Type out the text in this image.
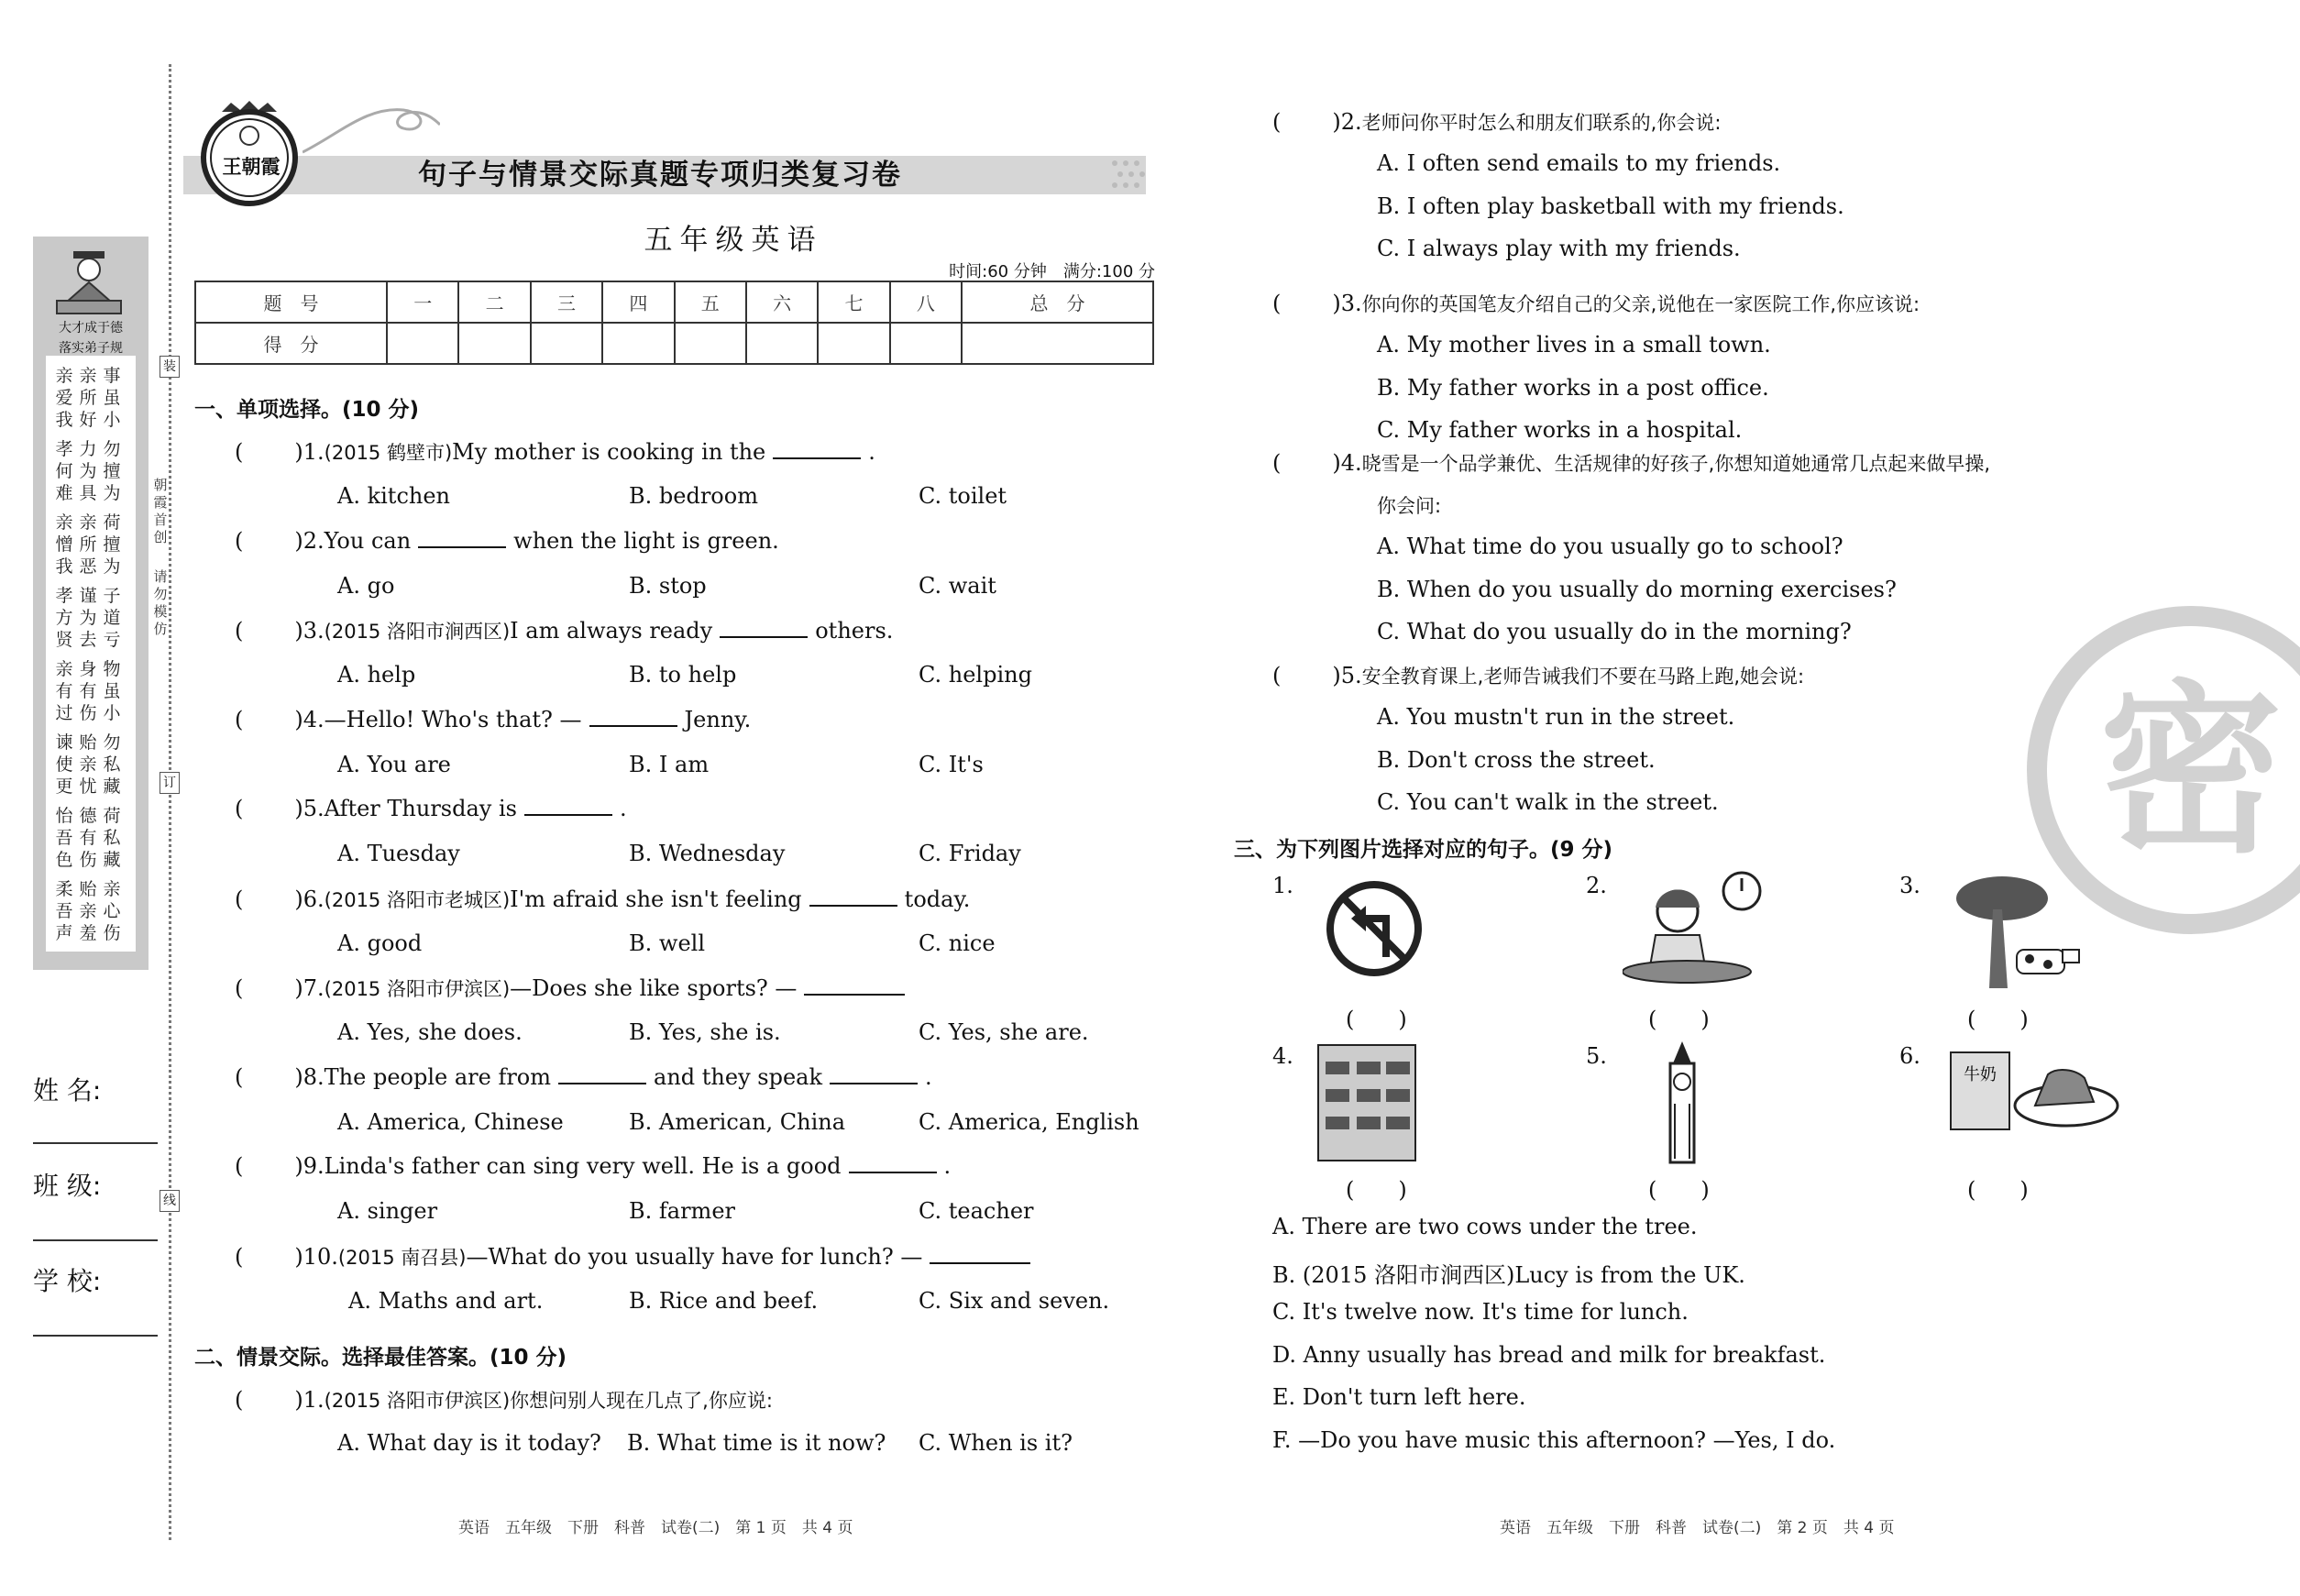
大才成于德
落实弟子规
亲爱我
亲所好
事虽小
孝何难
力为具
勿擅为
亲憎我
亲所恶
荷擅为
孝方贤
谨为去
子道亏
亲有过
身有伤
物虽小
谏使更
贻亲忧
勿私藏
怡吾色
德有伤
荷私藏
柔吾声
贻亲羞
亲心伤
装
订
线
朝霞首创
请勿模仿
姓 名:
班 级:
学 校:
王朝霞	句子与情景交际真题专项归类复习卷
五年级英语
时间:60 分钟　满分:100 分
题　号	一	二	三	四	五	六	七	八	总　分
得　分									
一、单项选择。(10 分)
( )1.(2015 鹤壁市)My mother is cooking in the	.
A. kitchen	B. bedroom	C. toilet
( )2.You can	when the light is green.
A. go	B. stop	C. wait
( )3.(2015 洛阳市涧西区)I am always ready	others.
A. help	B. to help	C. helping
( )4.—Hello! Who's that? —	Jenny.
A. You are	B. I am	C. It's
( )5.After Thursday is	.
A. Tuesday	B. Wednesday	C. Friday
( )6.(2015 洛阳市老城区)I'm afraid she isn't feeling	today.
A. good	B. well	C. nice
( )7.(2015 洛阳市伊滨区)—Does she like sports? —
A. Yes, she does.	B. Yes, she is.	C. Yes, she are.
( )8.The people are from	and they speak	.
A. America, Chinese	B. American, China	C. America, English
( )9.Linda's father can sing very well. He is a good	.
A. singer	B. farmer	C. teacher
( )10.(2015 南召县)—What do you usually have for lunch? —
A. Maths and art.	B. Rice and beef.	C. Six and seven.
二、情景交际。选择最佳答案。(10 分)
( )1.(2015 洛阳市伊滨区)你想问别人现在几点了,你应说:
A. What day is it today? B. What time is it now? C. When is it?
( )2.老师问你平时怎么和朋友们联系的,你会说:
A. I often send emails to my friends.
B. I often play basketball with my friends.
C. I always play with my friends.
( )3.你向你的英国笔友介绍自己的父亲,说他在一家医院工作,你应该说:
A. My mother lives in a small town.
B. My father works in a post office.
C. My father works in a hospital.
( )4.晓雪是一个品学兼优、生活规律的好孩子,你想知道她通常几点起来做早操,
你会问:
A. What time do you usually go to school?
B. When do you usually do morning exercises?
C. What do you usually do in the morning?
( )5.安全教育课上,老师告诫我们不要在马路上跑,她会说:
A. You mustn't run in the street.
B. Don't cross the street.
C. You can't walk in the street.
三、为下列图片选择对应的句子。(9 分)
1.
(　　)
2.
(　　)
3.
(　　)
4.
(　　)
5.
(　　)
6.
(　　)
牛奶
A. There are two cows under the tree.
B. (2015 洛阳市涧西区)Lucy is from the UK.
C. It's twelve now. It's time for lunch.
D. Anny usually has bread and milk for breakfast.
E. Don't turn left here.
F. —Do you have music this afternoon? —Yes, I do.
密
英语　五年级　下册　科普　试卷(二)　第 1 页　共 4 页	英语　五年级　下册　科普　试卷(二)　第 2 页　共 4 页
